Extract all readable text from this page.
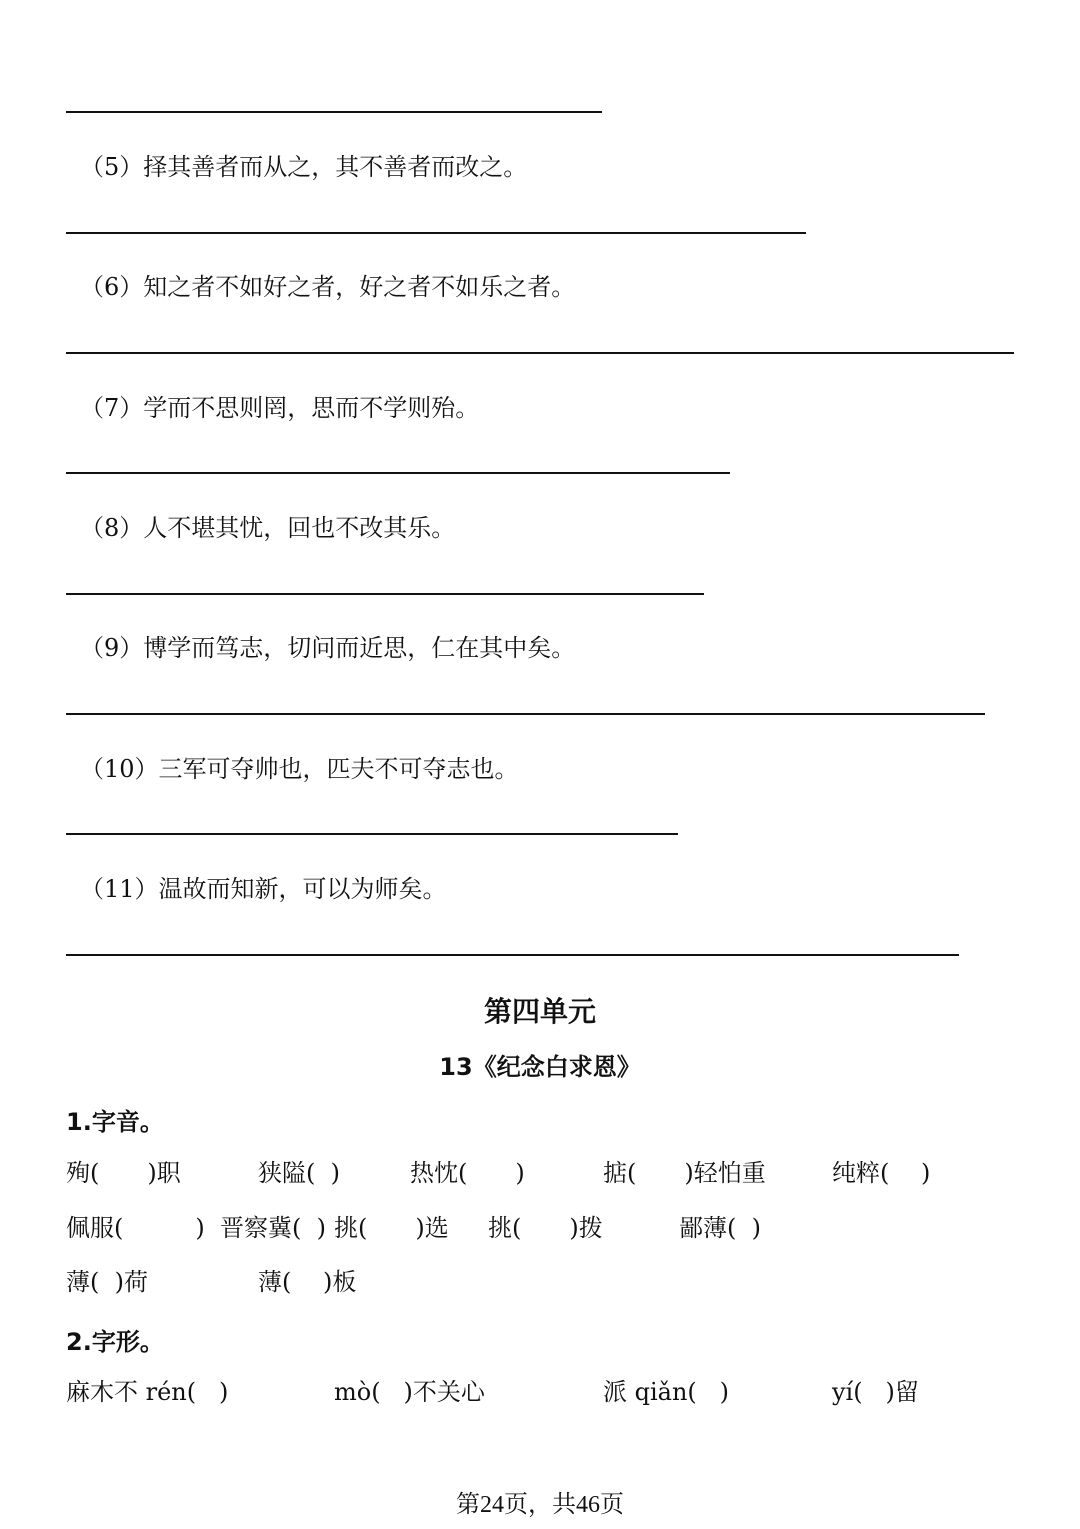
（5）择其善者而从之，其不善者而改之。
（6）知之者不如好之者，好之者不如乐之者。
（7）学而不思则罔，思而不学则殆。
（8）人不堪其忧，回也不改其乐。
（9）博学而笃志，切问而近思，仁在其中矣。
（10）三军可夺帅也，匹夫不可夺志也。
（11）温故而知新，可以为师矣。
第四单元
13《纪念白求恩》
1.字音。
殉(　　)职	狭隘(  )	热忱(　　)	掂(　　)轻怕重	纯粹(　 )
佩服(　　　) 晋察冀(  ) 挑(　　)选 挑(　　)拨	鄙薄(  )
薄(  )荷	薄(　 )板
2.字形。
麻木不 rén(   )	mò(   )不关心	派 qiǎn(   )	yí(   )留
第24页，共46页
